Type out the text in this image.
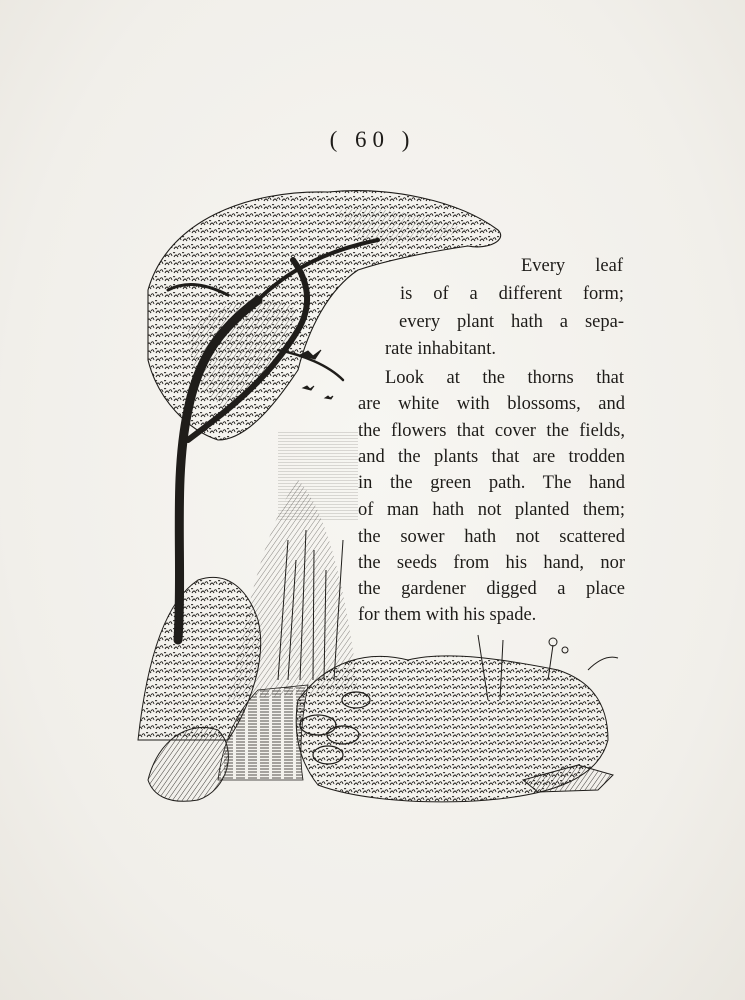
( 60 )
Every leaf
is of a different form;
every plant hath a sepa-
rate inhabitant.
Look at the thorns that
are white with blossoms, and
the flowers that cover the fields,
and the plants that are trodden
in the green path. The hand
of man hath not planted them;
the sower hath not scattered
the seeds from his hand, nor
the gardener digged a place
for them with his spade.
